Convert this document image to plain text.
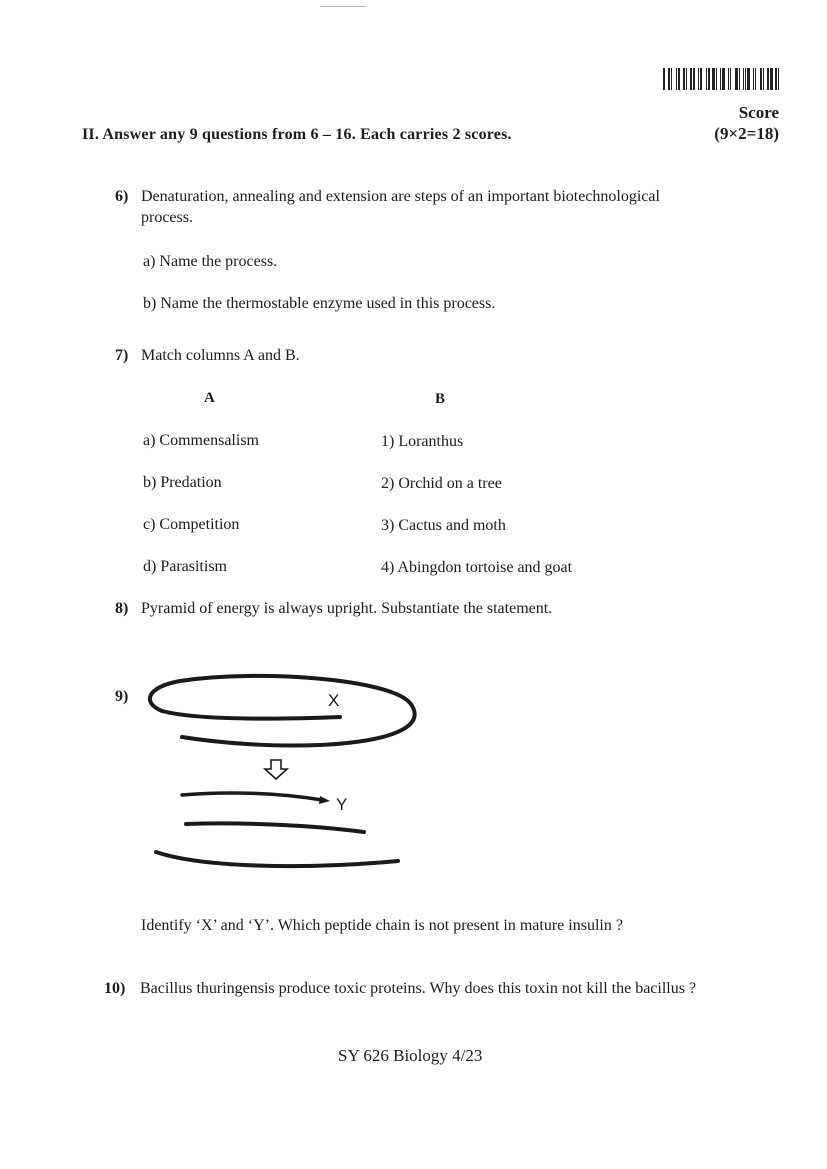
Score
(9×2=18)
II. Answer any 9 questions from 6 – 16. Each carries 2 scores.
6) Denaturation, annealing and extension are steps of an important biotechnological
process.
a) Name the process.
b) Name the thermostable enzyme used in this process.
7) Match columns A and B.
A	B
a) Commensalism
b) Predation
c) Competition
d) Parasitism
1) Loranthus
2) Orchid on a tree
3) Cactus and moth
4) Abingdon tortoise and goat
8) Pyramid of energy is always upright. Substantiate the statement.
9)	X
Y
Identify ‘X’ and ‘Y’. Which peptide chain is not present in mature insulin ?
10) Bacillus thuringensis produce toxic proteins. Why does this toxin not kill the bacillus ?
SY 626 Biology 4/23
